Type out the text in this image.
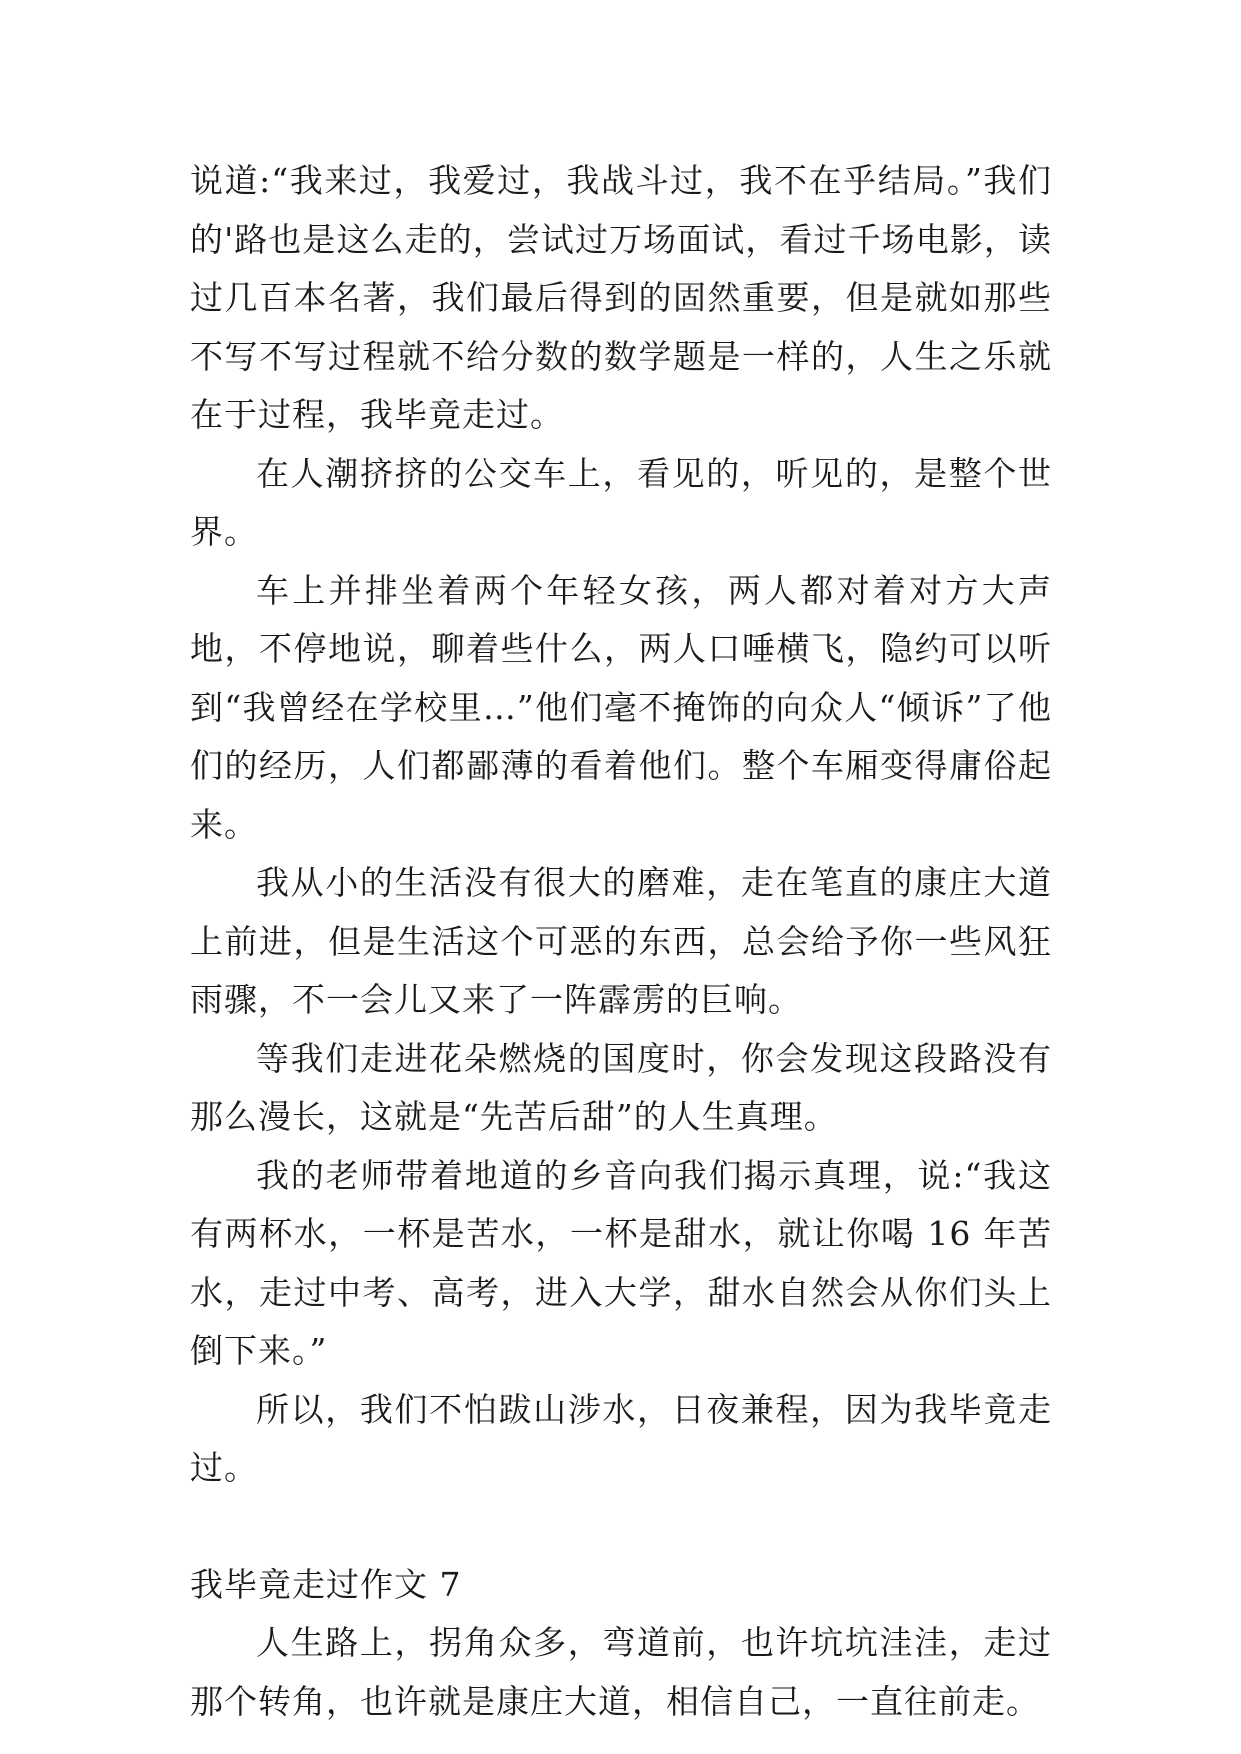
说道:“我来过，我爱过，我战斗过，我不在乎结局。”我们的'路也是这么走的，尝试过万场面试，看过千场电影，读过几百本名著，我们最后得到的固然重要，但是就如那些不写不写过程就不给分数的数学题是一样的，人生之乐就在于过程，我毕竟走过。

在人潮挤挤的公交车上，看见的，听见的，是整个世界。

车上并排坐着两个年轻女孩，两人都对着对方大声地，不停地说，聊着些什么，两人口唾横飞，隐约可以听到“我曾经在学校里…”他们毫不掩饰的向众人“倾诉”了他们的经历，人们都鄙薄的看着他们。整个车厢变得庸俗起来。

我从小的生活没有很大的磨难，走在笔直的康庄大道上前进，但是生活这个可恶的东西，总会给予你一些风狂雨骤，不一会儿又来了一阵霹雳的巨响。

等我们走进花朵燃烧的国度时，你会发现这段路没有那么漫长，这就是“先苦后甜”的人生真理。

我的老师带着地道的乡音向我们揭示真理，说:“我这有两杯水，一杯是苦水，一杯是甜水，就让你喝 16 年苦水，走过中考、高考，进入大学，甜水自然会从你们头上倒下来。”

所以，我们不怕跋山涉水，日夜兼程，因为我毕竟走过。

我毕竟走过作文 7

人生路上，拐角众多，弯道前，也许坑坑洼洼，走过那个转角，也许就是康庄大道，相信自己，一直往前走。
